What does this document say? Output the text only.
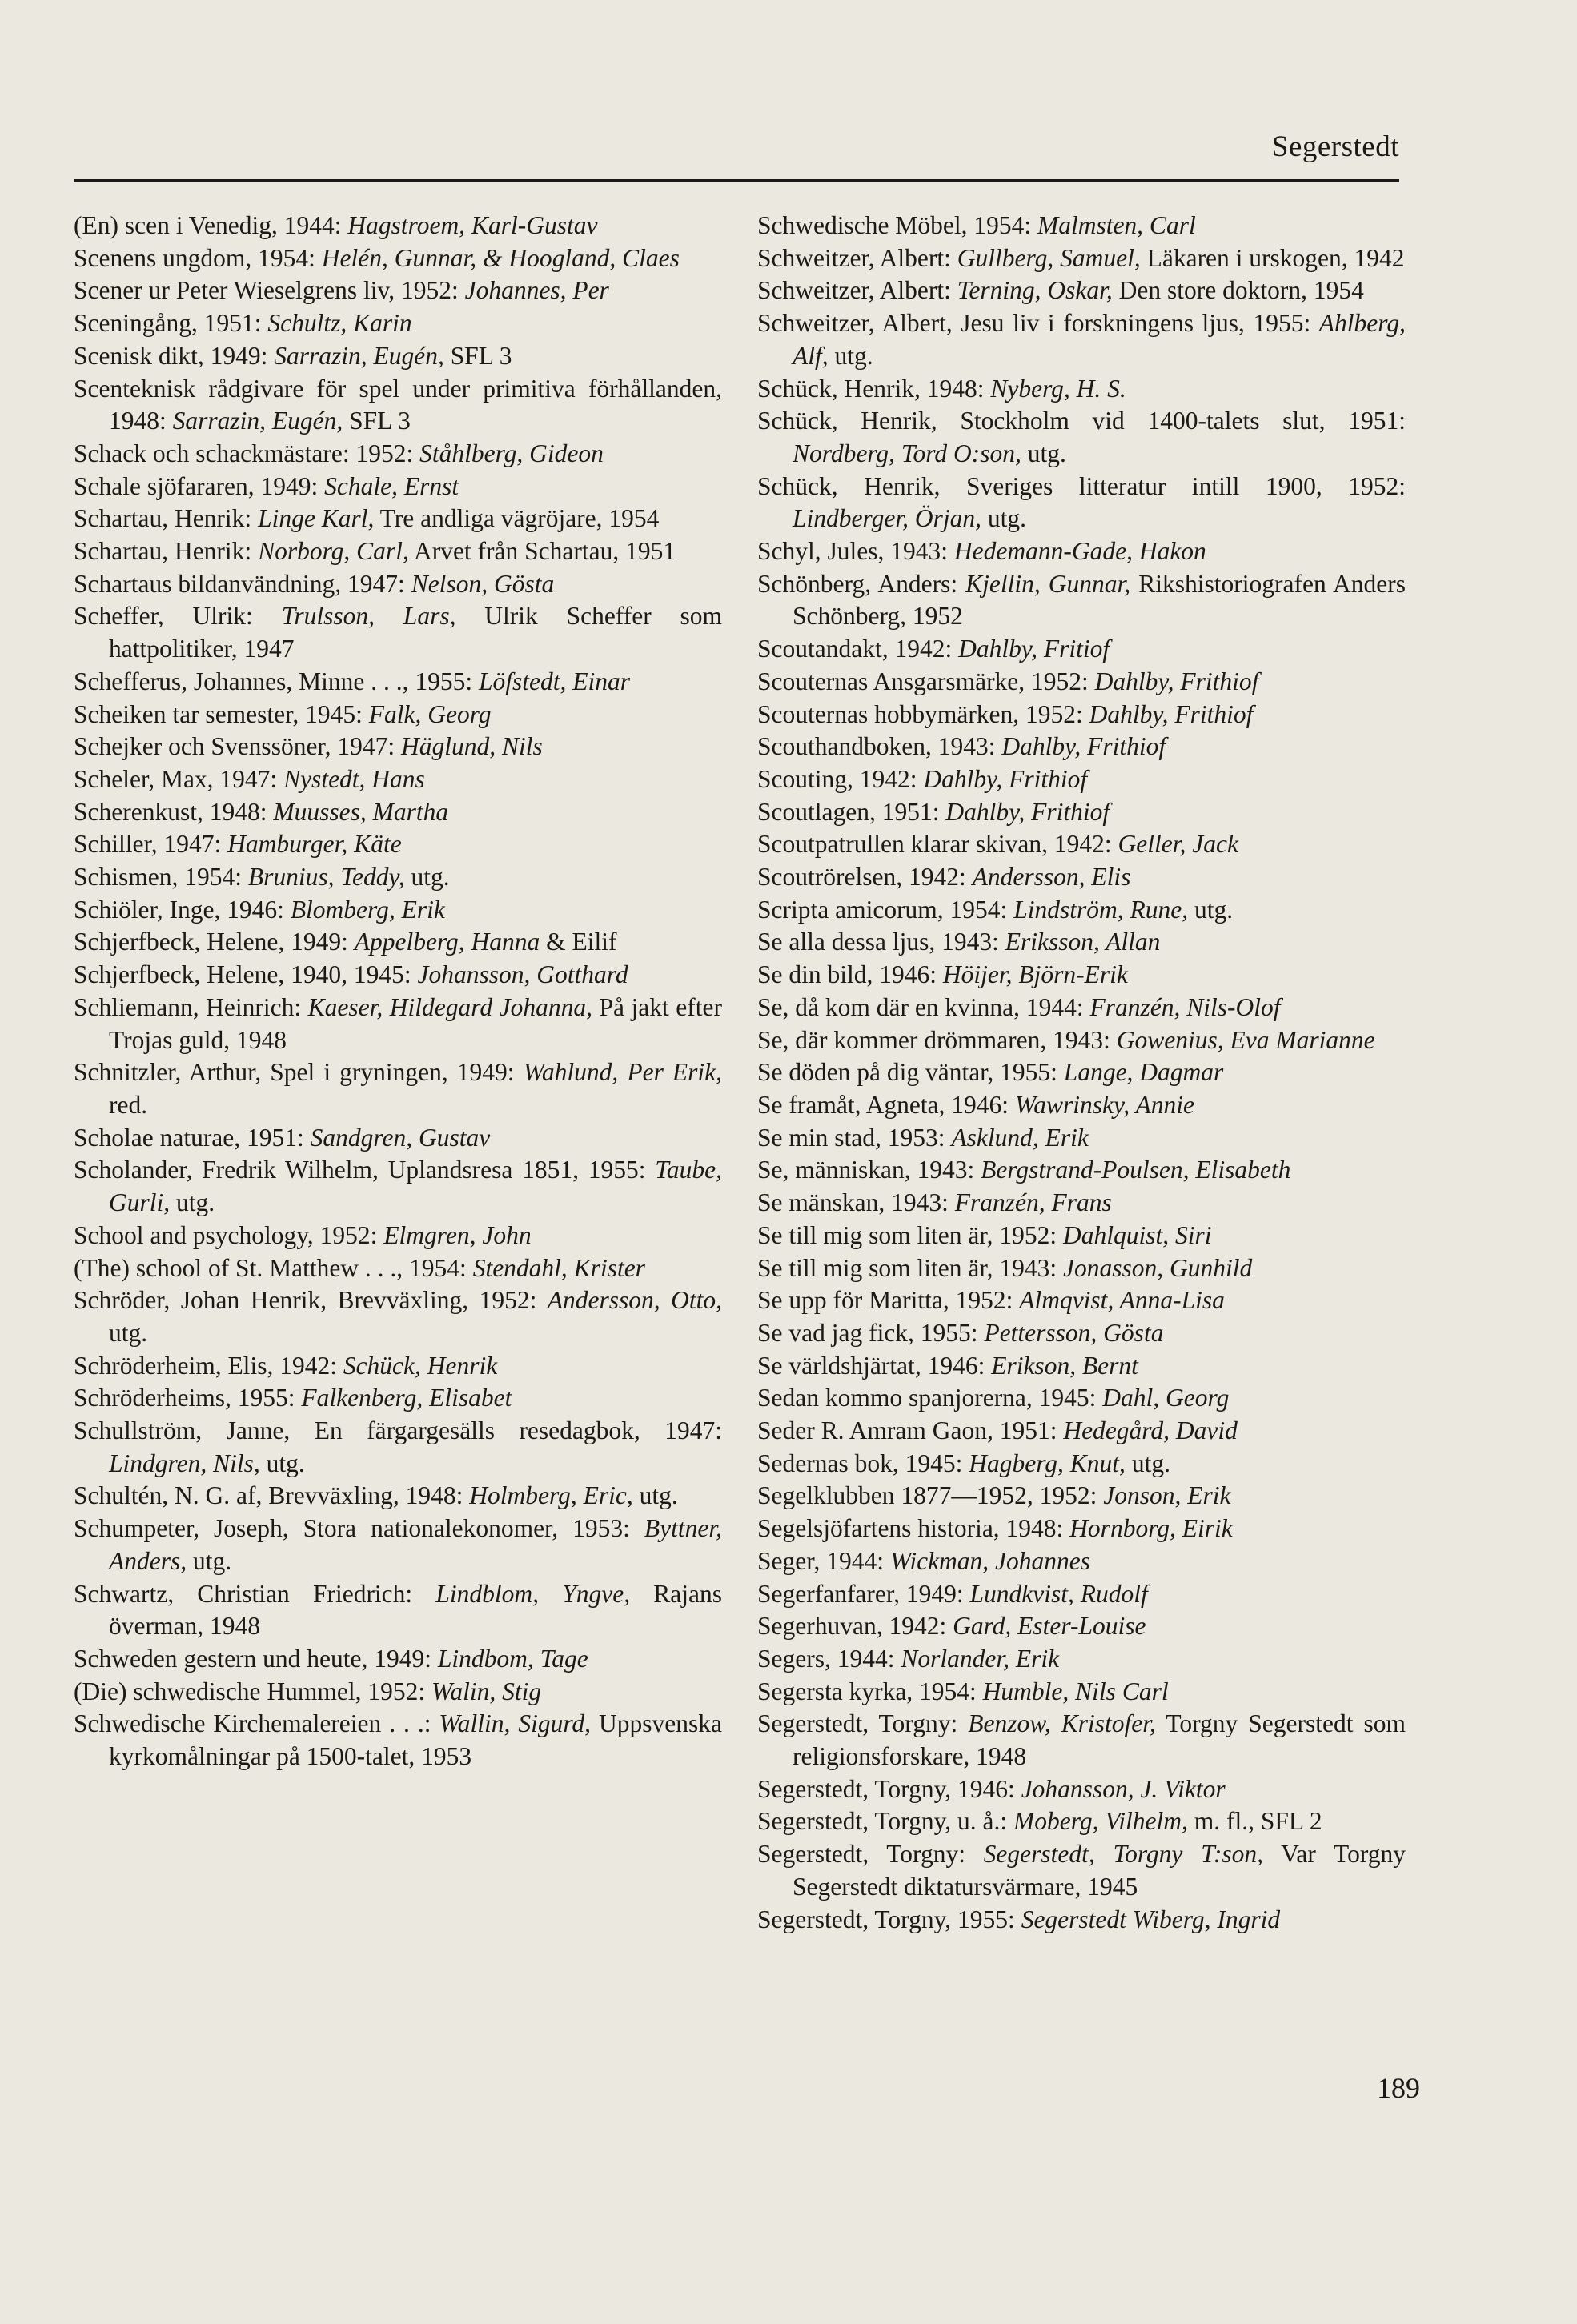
Segerstedt
(En) scen i Venedig, 1944: Hagstroem, Karl-Gustav
Scenens ungdom, 1954: Helén, Gunnar, & Hoogland, Claes
Scener ur Peter Wieselgrens liv, 1952: Johannes, Per
Sceningång, 1951: Schultz, Karin
Scenisk dikt, 1949: Sarrazin, Eugén, SFL 3
Scenteknisk rådgivare för spel under primitiva förhållanden, 1948: Sarrazin, Eugén, SFL 3
Schack och schackmästare: 1952: Ståhlberg, Gideon
Schale sjöfararen, 1949: Schale, Ernst
Schartau, Henrik: Linge Karl, Tre andliga vägröjare, 1954
Schartau, Henrik: Norborg, Carl, Arvet från Schartau, 1951
Schartaus bildanvändning, 1947: Nelson, Gösta
Scheffer, Ulrik: Trulsson, Lars, Ulrik Scheffer som hattpolitiker, 1947
Schefferus, Johannes, Minne . . ., 1955: Löfstedt, Einar
Scheiken tar semester, 1945: Falk, Georg
Schejker och Svenssöner, 1947: Häglund, Nils
Scheler, Max, 1947: Nystedt, Hans
Scherenkust, 1948: Muusses, Martha
Schiller, 1947: Hamburger, Käte
Schismen, 1954: Brunius, Teddy, utg.
Schiöler, Inge, 1946: Blomberg, Erik
Schjerfbeck, Helene, 1949: Appelberg, Hanna & Eilif
Schjerfbeck, Helene, 1940, 1945: Johansson, Gotthard
Schliemann, Heinrich: Kaeser, Hildegard Johanna, På jakt efter Trojas guld, 1948
Schnitzler, Arthur, Spel i gryningen, 1949: Wahlund, Per Erik, red.
Scholae naturae, 1951: Sandgren, Gustav
Scholander, Fredrik Wilhelm, Uplandsresa 1851, 1955: Taube, Gurli, utg.
School and psychology, 1952: Elmgren, John
(The) school of St. Matthew . . ., 1954: Stendahl, Krister
Schröder, Johan Henrik, Brevväxling, 1952: Andersson, Otto, utg.
Schröderheim, Elis, 1942: Schück, Henrik
Schröderheims, 1955: Falkenberg, Elisabet
Schullström, Janne, En färgargesälls resedagbok, 1947: Lindgren, Nils, utg.
Schultén, N. G. af, Brevväxling, 1948: Holmberg, Eric, utg.
Schumpeter, Joseph, Stora nationalekonomer, 1953: Byttner, Anders, utg.
Schwartz, Christian Friedrich: Lindblom, Yngve, Rajans överman, 1948
Schweden gestern und heute, 1949: Lindbom, Tage
(Die) schwedische Hummel, 1952: Walin, Stig
Schwedische Kirchemalereien . . .: Wallin, Sigurd, Uppsvenska kyrkomålningar på 1500-talet, 1953
Schwedische Möbel, 1954: Malmsten, Carl
Schweitzer, Albert: Gullberg, Samuel, Läkaren i urskogen, 1942
Schweitzer, Albert: Terning, Oskar, Den store doktorn, 1954
Schweitzer, Albert, Jesu liv i forskningens ljus, 1955: Ahlberg, Alf, utg.
Schück, Henrik, 1948: Nyberg, H. S.
Schück, Henrik, Stockholm vid 1400-talets slut, 1951: Nordberg, Tord O:son, utg.
Schück, Henrik, Sveriges litteratur intill 1900, 1952: Lindberger, Örjan, utg.
Schyl, Jules, 1943: Hedemann-Gade, Hakon
Schönberg, Anders: Kjellin, Gunnar, Rikshistoriografen Anders Schönberg, 1952
Scoutandakt, 1942: Dahlby, Fritiof
Scouternas Ansgarsmärke, 1952: Dahlby, Frithiof
Scouternas hobbymärken, 1952: Dahlby, Frithiof
Scouthandboken, 1943: Dahlby, Frithiof
Scouting, 1942: Dahlby, Frithiof
Scoutlagen, 1951: Dahlby, Frithiof
Scoutpatrullen klarar skivan, 1942: Geller, Jack
Scoutrörelsen, 1942: Andersson, Elis
Scripta amicorum, 1954: Lindström, Rune, utg.
Se alla dessa ljus, 1943: Eriksson, Allan
Se din bild, 1946: Höijer, Björn-Erik
Se, då kom där en kvinna, 1944: Franzén, Nils-Olof
Se, där kommer drömmaren, 1943: Gowenius, Eva Marianne
Se döden på dig väntar, 1955: Lange, Dagmar
Se framåt, Agneta, 1946: Wawrinsky, Annie
Se min stad, 1953: Asklund, Erik
Se, människan, 1943: Bergstrand-Poulsen, Elisabeth
Se mänskan, 1943: Franzén, Frans
Se till mig som liten är, 1952: Dahlquist, Siri
Se till mig som liten är, 1943: Jonasson, Gunhild
Se upp för Maritta, 1952: Almqvist, Anna-Lisa
Se vad jag fick, 1955: Pettersson, Gösta
Se världshjärtat, 1946: Erikson, Bernt
Sedan kommo spanjorerna, 1945: Dahl, Georg
Seder R. Amram Gaon, 1951: Hedegård, David
Sedernas bok, 1945: Hagberg, Knut, utg.
Segelklubben 1877—1952, 1952: Jonson, Erik
Segelsjöfartens historia, 1948: Hornborg, Eirik
Seger, 1944: Wickman, Johannes
Segerfanfarer, 1949: Lundkvist, Rudolf
Segerhuvan, 1942: Gard, Ester-Louise
Segers, 1944: Norlander, Erik
Segersta kyrka, 1954: Humble, Nils Carl
Segerstedt, Torgny: Benzow, Kristofer, Torgny Segerstedt som religionsforskare, 1948
Segerstedt, Torgny, 1946: Johansson, J. Viktor
Segerstedt, Torgny, u. å.: Moberg, Vilhelm, m. fl., SFL 2
Segerstedt, Torgny: Segerstedt, Torgny T:son, Var Torgny Segerstedt diktatursvärmare, 1945
Segerstedt, Torgny, 1955: Segerstedt Wiberg, Ingrid
189
